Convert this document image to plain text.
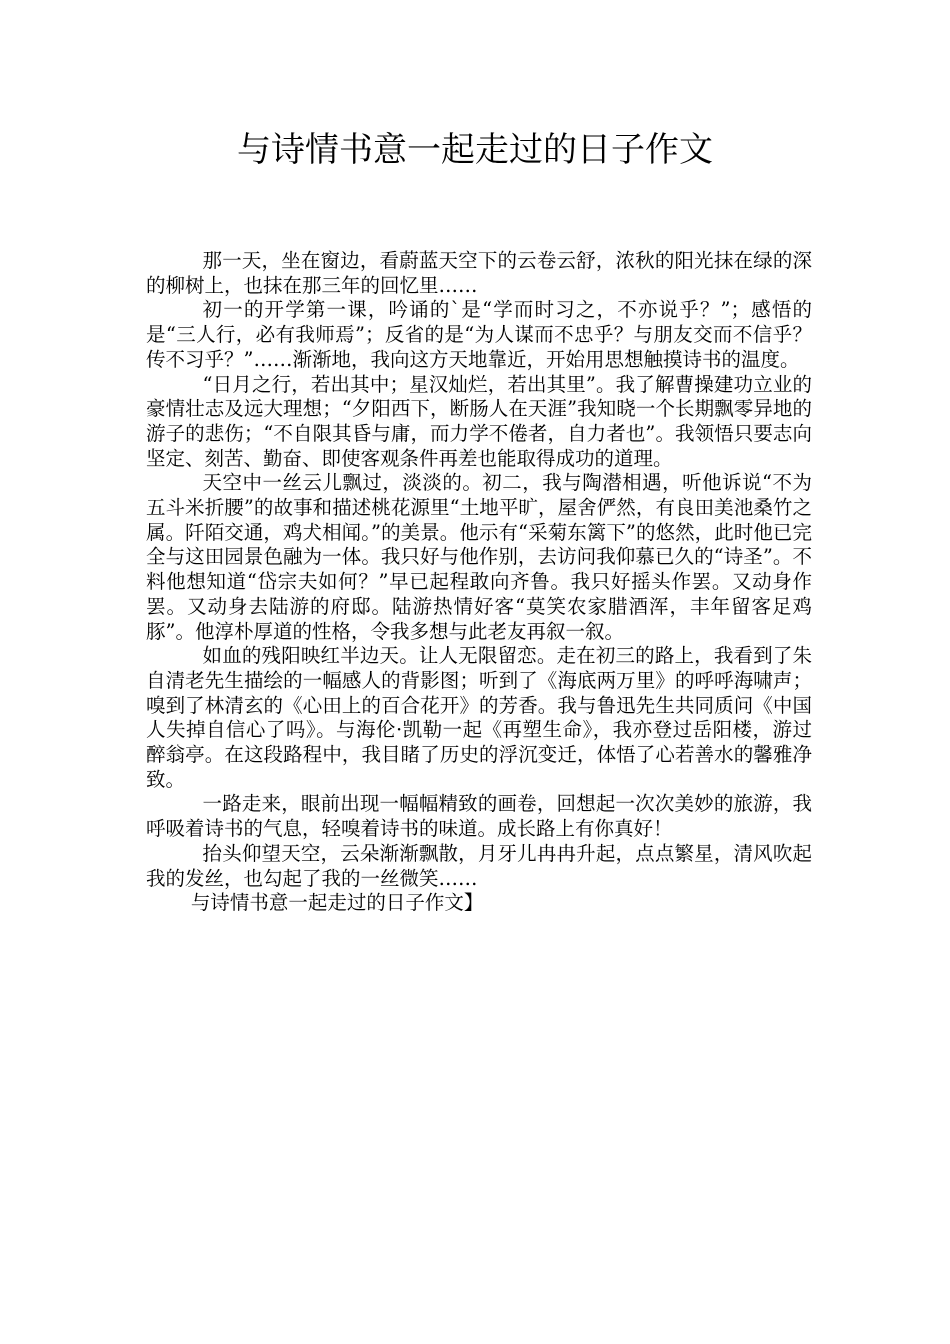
与诗情书意一起走过的日子作文

那一天，坐在窗边，看蔚蓝天空下的云卷云舒，浓秋的阳光抹在绿的深的柳树上，也抹在那三年的回忆里……

初一的开学第一课，吟诵的`是“学而时习之，不亦说乎？”；感悟的是“三人行，必有我师焉”；反省的是“为人谋而不忠乎？与朋友交而不信乎？传不习乎？”……渐渐地，我向这方天地靠近，开始用思想触摸诗书的温度。

“日月之行，若出其中；星汉灿烂，若出其里”。我了解曹操建功立业的豪情壮志及远大理想；“夕阳西下，断肠人在天涯”我知晓一个长期飘零异地的游子的悲伤；“不自限其昏与庸，而力学不倦者，自力者也”。我领悟只要志向坚定、刻苦、勤奋、即使客观条件再差也能取得成功的道理。

天空中一丝云儿飘过，淡淡的。初二，我与陶潜相遇，听他诉说“不为五斗米折腰”的故事和描述桃花源里“土地平旷，屋舍俨然，有良田美池桑竹之属。阡陌交通，鸡犬相闻。”的美景。他示有“采菊东篱下”的悠然，此时他已完全与这田园景色融为一体。我只好与他作别，去访问我仰慕已久的“诗圣”。不料他想知道“岱宗夫如何？”早已起程敢向齐鲁。我只好摇头作罢。又动身作罢。又动身去陆游的府邸。陆游热情好客“莫笑农家腊酒浑，丰年留客足鸡豚”。他淳朴厚道的性格，令我多想与此老友再叙一叙。

如血的残阳映红半边天。让人无限留恋。走在初三的路上，我看到了朱自清老先生描绘的一幅感人的背影图；听到了《海底两万里》的呼呼海啸声；嗅到了林清玄的《心田上的百合花开》的芳香。我与鲁迅先生共同质问《中国人失掉自信心了吗》。与海伦·凯勒一起《再塑生命》，我亦登过岳阳楼，游过醉翁亭。在这段路程中，我目睹了历史的浮沉变迁，体悟了心若善水的馨雅净致。

一路走来，眼前出现一幅幅精致的画卷，回想起一次次美妙的旅游，我呼吸着诗书的气息，轻嗅着诗书的味道。成长路上有你真好！

抬头仰望天空，云朵渐渐飘散，月牙儿冉冉升起，点点繁星，清风吹起我的发丝，也勾起了我的一丝微笑……

与诗情书意一起走过的日子作文】
